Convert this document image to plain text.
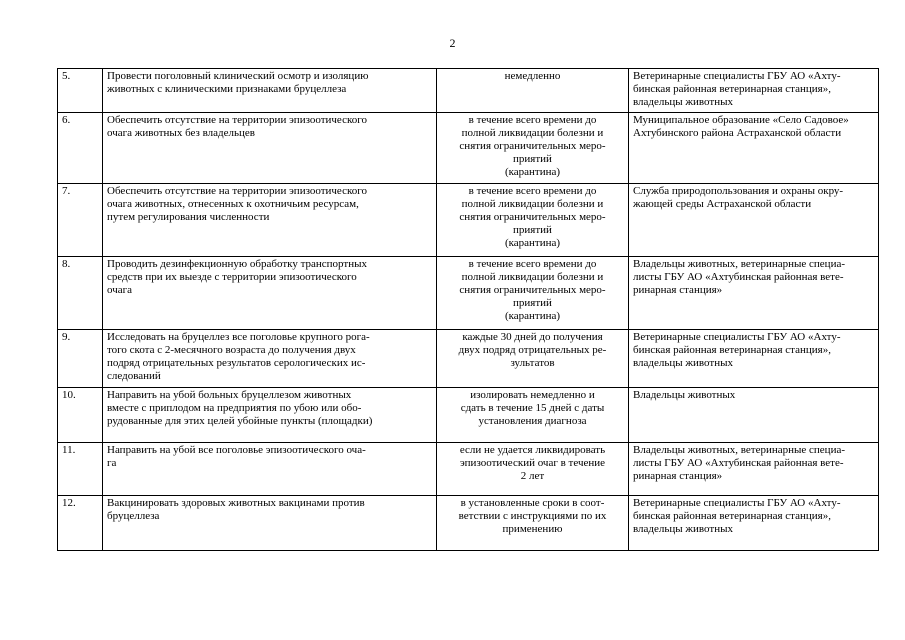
2
5.	Провести поголовный клинический осмотр и изоляцию
животных с клиническими признаками бруцеллеза	немедленно	Ветеринарные специалисты ГБУ АО «Ахту-
бинская районная ветеринарная станция»,
владельцы животных

6.	Обеспечить отсутствие на территории эпизоотического
очага животных без владельцев	в течение всего времени до
полной ликвидации болезни и
снятия ограничительных меро-
приятий
(карантина)	Муниципальное образование «Село Садовое»
Ахтубинского района Астраханской области

7.	Обеспечить отсутствие на территории эпизоотического
очага животных, отнесенных к охотничьим ресурсам,
путем регулирования численности	в течение всего времени до
полной ликвидации болезни и
снятия ограничительных меро-
приятий
(карантина)	Служба природопользования и охраны окру-
жающей среды Астраханской области

8.	Проводить дезинфекционную обработку транспортных
средств при их выезде с территории эпизоотического
очага	в течение всего времени до
полной ликвидации болезни и
снятия ограничительных меро-
приятий
(карантина)	Владельцы животных, ветеринарные специа-
листы ГБУ АО «Ахтубинская районная вете-
ринарная станция»

9.	Исследовать на бруцеллез все поголовье крупного рога-
того скота с 2-месячного возраста до получения двух
подряд отрицательных результатов серологических ис-
следований	каждые 30 дней до получения
двух подряд отрицательных ре-
зультатов	Ветеринарные специалисты ГБУ АО «Ахту-
бинская районная ветеринарная станция»,
владельцы животных

10.	Направить на убой больных бруцеллезом животных
вместе с приплодом на предприятия по убою или обо-
рудованные для этих целей убойные пункты (площадки)	изолировать немедленно и
сдать в течение 15 дней с даты
установления диагноза	Владельцы животных

11.	Направить на убой все поголовье эпизоотического оча-
га	если не удается ликвидировать
эпизоотический очаг в течение
2 лет	Владельцы животных, ветеринарные специа-
листы ГБУ АО «Ахтубинская районная вете-
ринарная станция»

12.	Вакцинировать здоровых животных вакцинами против
бруцеллеза	в установленные сроки в соот-
ветствии с инструкциями по их
применению	Ветеринарные специалисты ГБУ АО «Ахту-
бинская районная ветеринарная станция»,
владельцы животных
